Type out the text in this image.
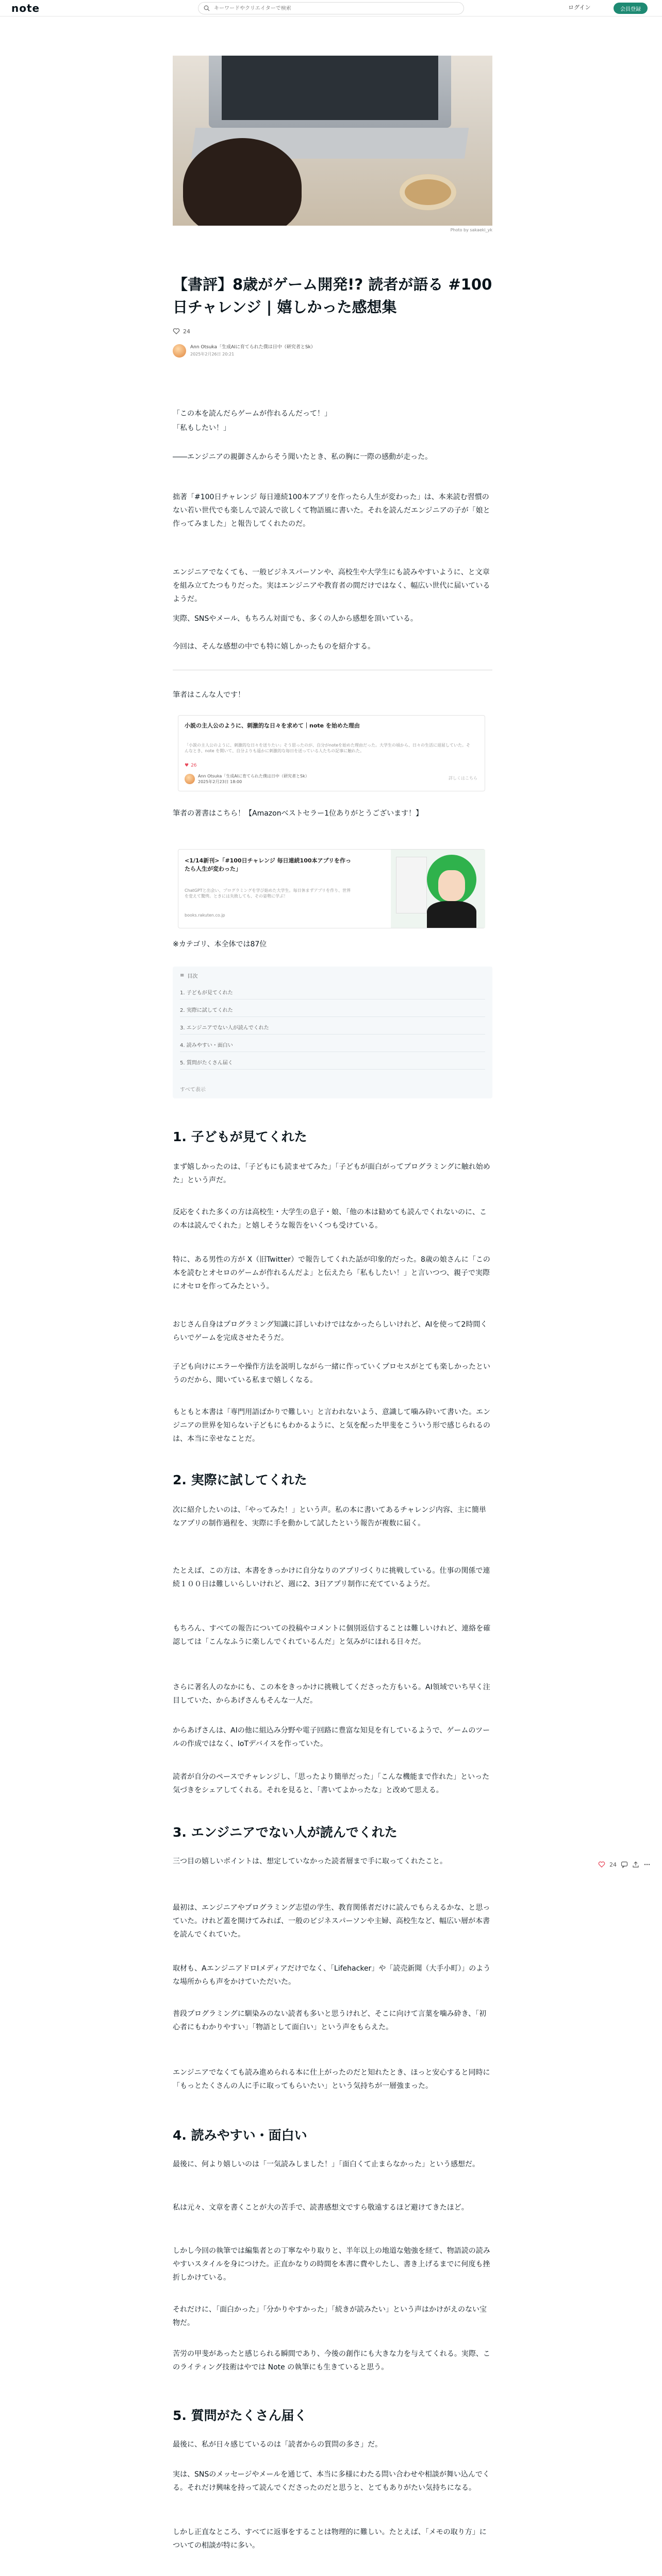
note
キーワードやクリエイターで検索	ログイン	会員登録
Photo by sakaeki_yk
【書評】8歳がゲーム開発!? 読者が語る #100日チャレンジ | 嬉しかった感想集
24
Ann Otsuka「生成AIに育てられた僕は日中（研究者とSk）
2025年2月26日 20:21
「この本を読んだらゲームが作れるんだって！」
「私もしたい！」
――エンジニアの親御さんからそう聞いたとき、私の胸に一際の感動が走った。
拙著「#100日チャレンジ 毎日連続100本アプリを作ったら人生が変わった」は、本来読む習慣のない若い世代でも楽しんで読んで欲しくて物語風に書いた。それを読んだエンジニアの子が「娘と作ってみました」と報告してくれたのだ。
エンジニアでなくても、一般ビジネスパーソンや、高校生や大学生にも読みやすいように、と文章を組み立てたつもりだった。実はエンジニアや教育者の間だけではなく、幅広い世代に届いているようだ。
実際、SNSやメール、もちろん対面でも、多くの人から感想を頂いている。
今回は、そんな感想の中でも特に嬉しかったものを紹介する。
筆者はこんな人です！
小説の主人公のように、刺激的な日々を求めて｜note を始めた理由
「小説の主人公のように、刺激的な日々を送りたい」そう思ったのが、自分がnoteを始めた理由だった。大学生の頃から、日々の生活に退屈していた。そんなとき、note を開いて、自分よりも遥かに刺激的な毎日を送っている人たちの記事に触れた。
♥ 26
Ann Otsuka「生成AIに育てられた僕は日中（研究者とSk）
2025年2月23日 18:00
詳しくはこちら
筆者の著書はこちら！【Amazonベストセラー1位ありがとうございます！】
<1/14新刊>「#100日チャレンジ 毎日連続100本アプリを作ったら人生が変わった」
ChatGPTと出会い、プログラミングを学び始めた大学生。毎日休まずアプリを作り、世界を変えて驚愕。ときには失敗しても、その姿勢に学ぶ！
books.rakuten.co.jp
※カテゴリ、本全体では87位
≡ 目次
1. 子どもが見てくれた
2. 実際に試してくれた
3. エンジニアでない人が読んでくれた
4. 読みやすい・面白い
5. 質問がたくさん届く
すべて表示
1. 子どもが見てくれた
まず嬉しかったのは、「子どもにも読ませてみた」「子どもが面白がってプログラミングに触れ始めた」という声だ。
反応をくれた多くの方は高校生・大学生の息子・娘、「他の本は勧めても読んでくれないのに、この本は読んでくれた」と嬉しそうな報告をいくつも受けている。
特に、ある男性の方が X（旧Twitter）で報告してくれた話が印象的だった。8歳の娘さんに「この本を読むとオセロのゲームが作れるんだよ」と伝えたら「私もしたい！」と言いつつ、親子で実際にオセロを作ってみたという。
おじさん自身はプログラミング知識に詳しいわけではなかったらしいけれど、AIを使って2時間くらいでゲームを完成させたそうだ。
子ども向けにエラーや操作方法を説明しながら一緒に作っていくプロセスがとても楽しかったというのだから、聞いている私まで嬉しくなる。
もともと本書は「専門用語ばかりで難しい」と言われないよう、意識して噛み砕いて書いた。エンジニアの世界を知らない子どもにもわかるように、と気を配った甲斐をこういう形で感じられるのは、本当に幸せなことだ。
2. 実際に試してくれた
次に紹介したいのは、「やってみた！」という声。私の本に書いてあるチャレンジ内容、主に簡単なアプリの制作過程を、実際に手を動かして試したという報告が複数に届く。
たとえば、この方は、本書をきっかけに自分なりのアプリづくりに挑戦している。仕事の関係で連続１００日は難しいらしいけれど、週に2、3日アプリ制作に充てているようだ。
もちろん、すべての報告についての投稿やコメントに個別返信することは難しいけれど、連絡を確認しては「こんなふうに楽しんでくれているんだ」と気みがにほれる日々だ。
さらに著名人のなかにも、この本をきっかけに挑戦してくださった方もいる。AI領域でいち早く注目していた、からあげさんもそんな一人だ。
からあげさんは、AIの他に組込み分野や電子回路に豊富な知見を有しているようで、ゲームのツールの作成ではなく、IoTデバイスを作っていた。
読者が自分のペースでチャレンジし、「思ったより簡単だった」「こんな機能まで作れた」といった気づきをシェアしてくれる。それを見ると、「書いてよかったな」と改めて思える。
3. エンジニアでない人が読んでくれた
三つ目の嬉しいポイントは、想定していなかった読者層まで手に取ってくれたこと。
最初は、エンジニアやプログラミング志望の学生、教育関係者だけに読んでもらえるかな、と思っていた。けれど蓋を開けてみれば、一般のビジネスパーソンや主婦、高校生など、幅広い層が本書を読んでくれていた。
取材も、AエンジニアドロIメディアだけでなく、「Lifehacker」や「読売新聞（大手小町）」のような場所からも声をかけていただいた。
普段プログラミングに馴染みのない読者も多いと思うけれど、そこに向けて言葉を噛み砕き、「初心者にもわかりやすい」「物語として面白い」という声をもらえた。
エンジニアでなくても読み進められる本に仕上がったのだと知れたとき、ほっと安心すると同時に「もっとたくさんの人に手に取ってもらいたい」という気持ちが一層強まった。
4. 読みやすい・面白い
最後に、何より嬉しいのは「一気読みしました！」「面白くて止まらなかった」という感想だ。
私は元々、文章を書くことが大の苦手で、読書感想文ですら敬遠するほど避けてきたほど。
しかし今回の執筆では編集者との丁寧なやり取りと、半年以上の地道な勉強を経て、物語読の読みやすいスタイルを身につけた。正直かなりの時間を本書に費やしたし、書き上げるまでに何度も挫折しかけている。
それだけに、「面白かった」「分かりやすかった」「続きが読みたい」という声はかけがえのない宝物だ。
苦労の甲斐があったと感じられる瞬間であり、今後の創作にも大きな力を与えてくれる。実際、このライティング技術はやでは Note の執筆にも生きていると思う。
5. 質問がたくさん届く
最後に、私が日々感じているのは「読者からの質問の多さ」だ。
実は、SNSのメッセージやメールを通じて、本当に多様にわたる問い合わせや相談が舞い込んでくる。それだけ興味を持って読んでくださったのだと思うと、とてもありがたい気持ちになる。
しかし正直なところ、すべてに返事をすることは物理的に難しい。たとえば、「メモの取り方」についての相談が特に多い。
24
